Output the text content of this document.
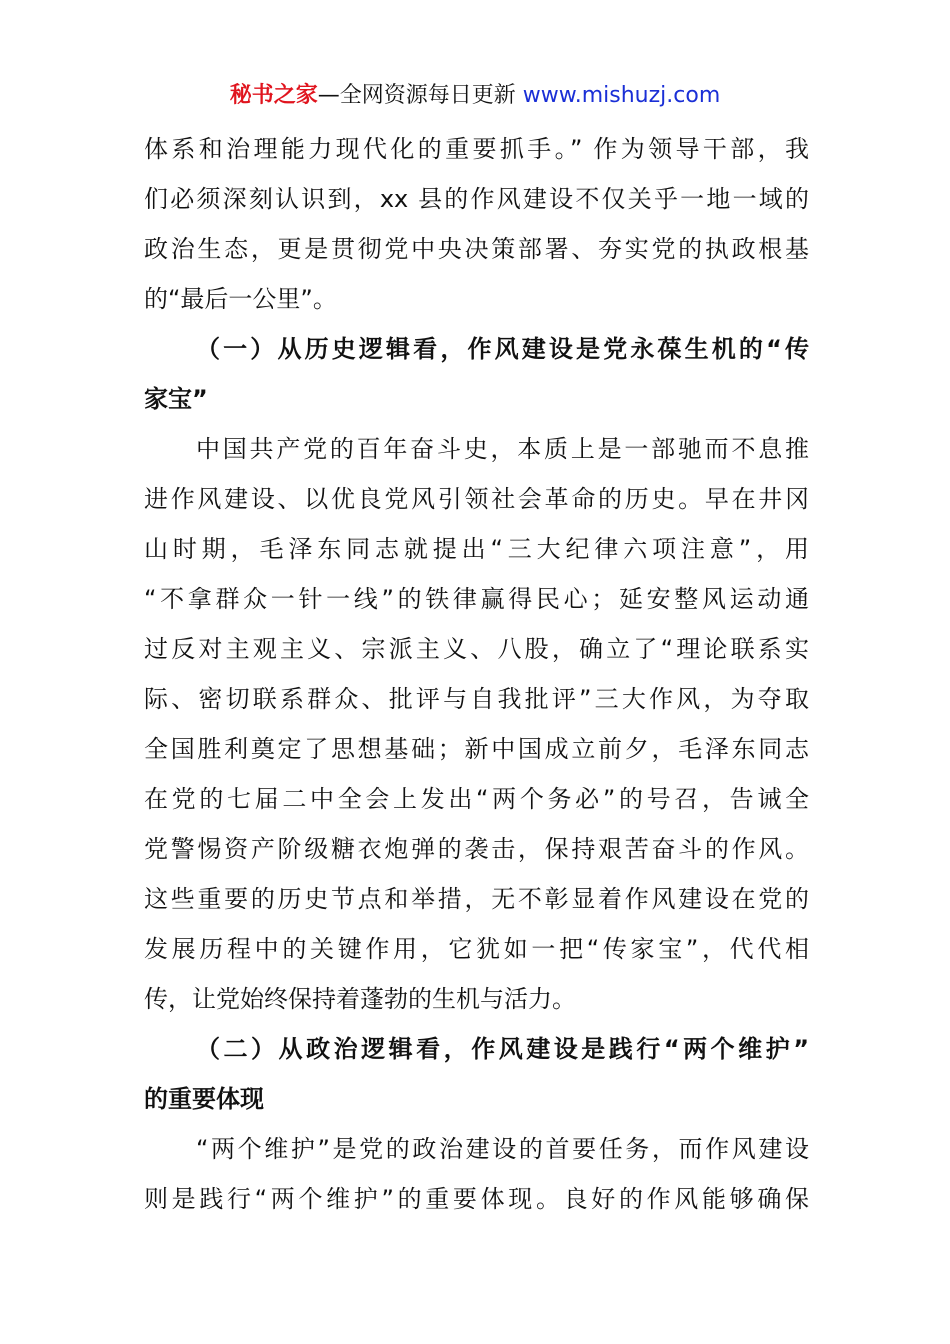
秘书之家—全网资源每日更新 www.mishuzj.com
体系和治理能力现代化的重要抓手。” 作为领导干部，我
们必须深刻认识到，xx 县的作风建设不仅关乎一地一域的
政治生态，更是贯彻党中央决策部署、夯实党的执政根基
的“最后一公里”。
（一）从历史逻辑看，作风建设是党永葆生机的“传
家宝”
中国共产党的百年奋斗史，本质上是一部驰而不息推
进作风建设、以优良党风引领社会革命的历史。早在井冈
山时期，毛泽东同志就提出“三大纪律六项注意”，用
“不拿群众一针一线”的铁律赢得民心；延安整风运动通
过反对主观主义、宗派主义、八股，确立了“理论联系实
际、密切联系群众、批评与自我批评”三大作风，为夺取
全国胜利奠定了思想基础；新中国成立前夕，毛泽东同志
在党的七届二中全会上发出“两个务必”的号召，告诫全
党警惕资产阶级糖衣炮弹的袭击，保持艰苦奋斗的作风。
这些重要的历史节点和举措，无不彰显着作风建设在党的
发展历程中的关键作用，它犹如一把“传家宝”，代代相
传，让党始终保持着蓬勃的生机与活力。
（二）从政治逻辑看，作风建设是践行“两个维护”
的重要体现
“两个维护”是党的政治建设的首要任务，而作风建设
则是践行“两个维护”的重要体现。良好的作风能够确保
